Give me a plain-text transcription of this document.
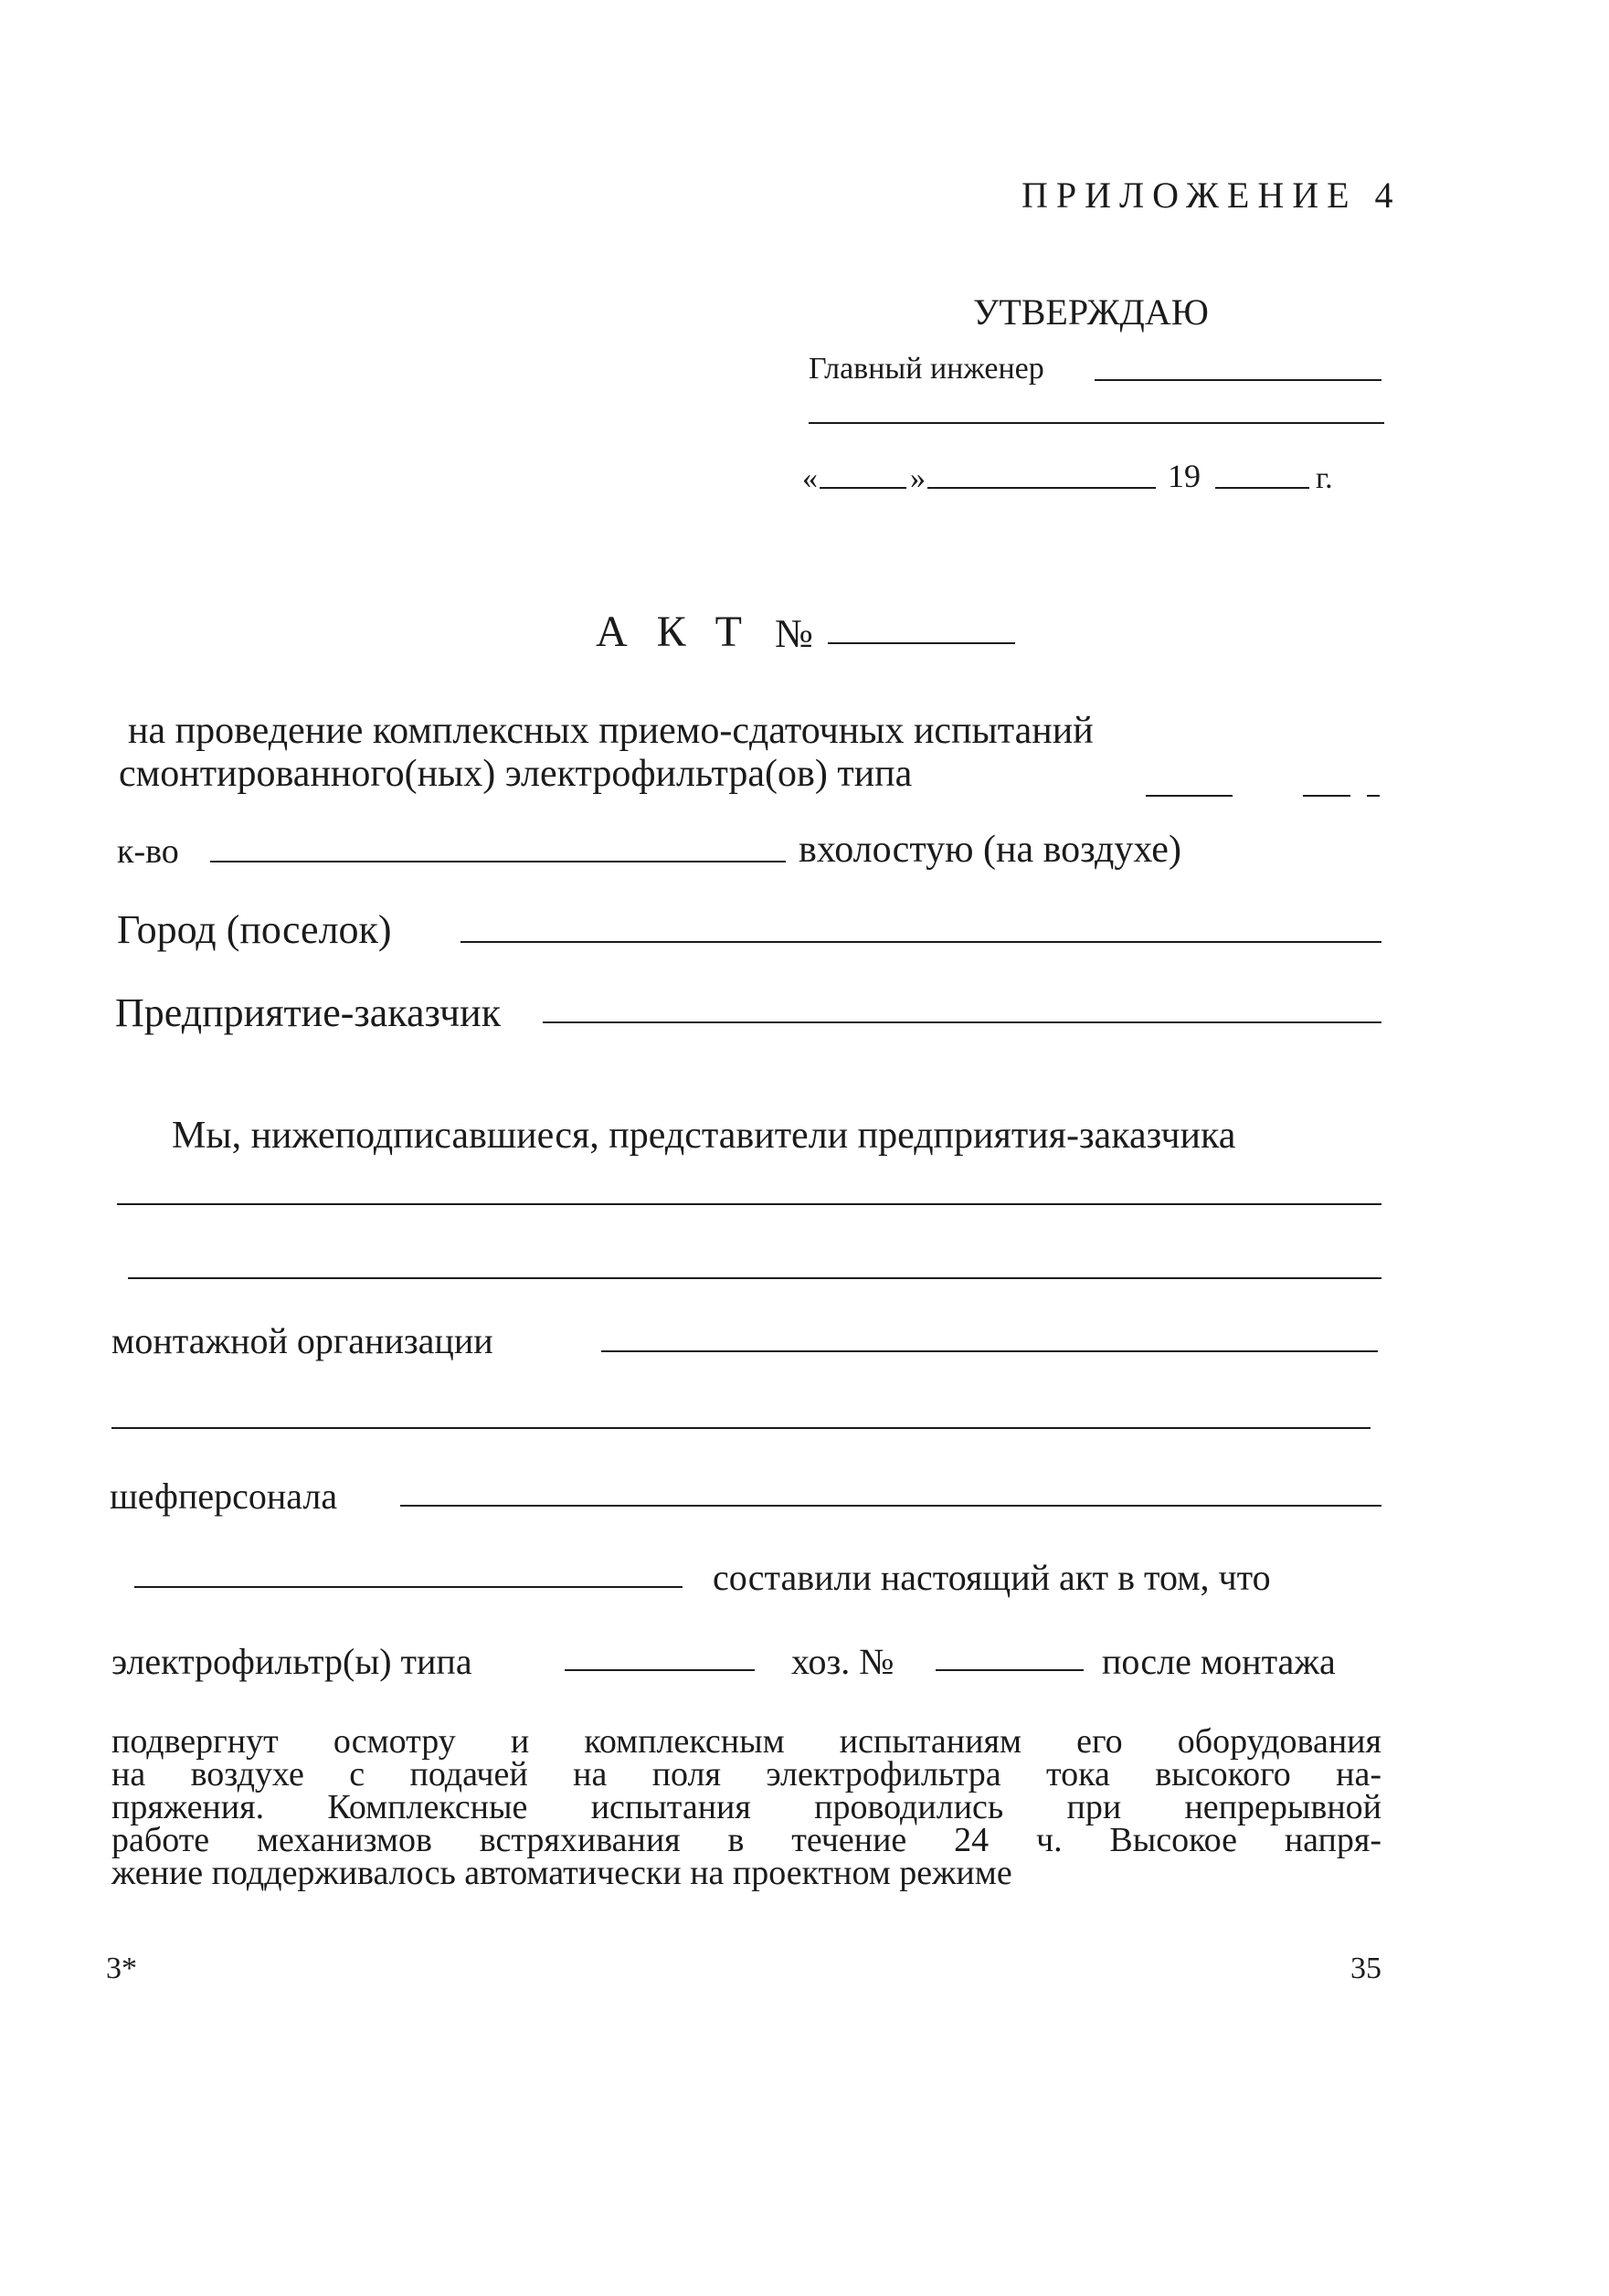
ПРИЛОЖЕНИЕ 4
УТВЕРЖДАЮ
Главный инженер
«	»	19	г.
А К Т №
на проведение комплексных приемо-сдаточных испытаний
смонтированного(ных) электрофильтра(ов) типа
к-во	вхолостую (на воздухе)
Город (поселок)
Предприятие-заказчик
Мы, нижеподписавшиеся, представители предприятия-заказчика
монтажной организации
шефперсонала
составили настоящий акт в том, что
электрофильтр(ы) типа	хоз. №	после монтажа

подвергнут осмотру и комплексным испытаниям его оборудования

на воздухе с подачей на поля электрофильтра тока высокого на-

пряжения. Комплексные испытания проводились при непрерывной

работе механизмов встряхивания в течение 24 ч. Высокое напря-

жение поддерживалось автоматически на проектном режиме

3*	35
